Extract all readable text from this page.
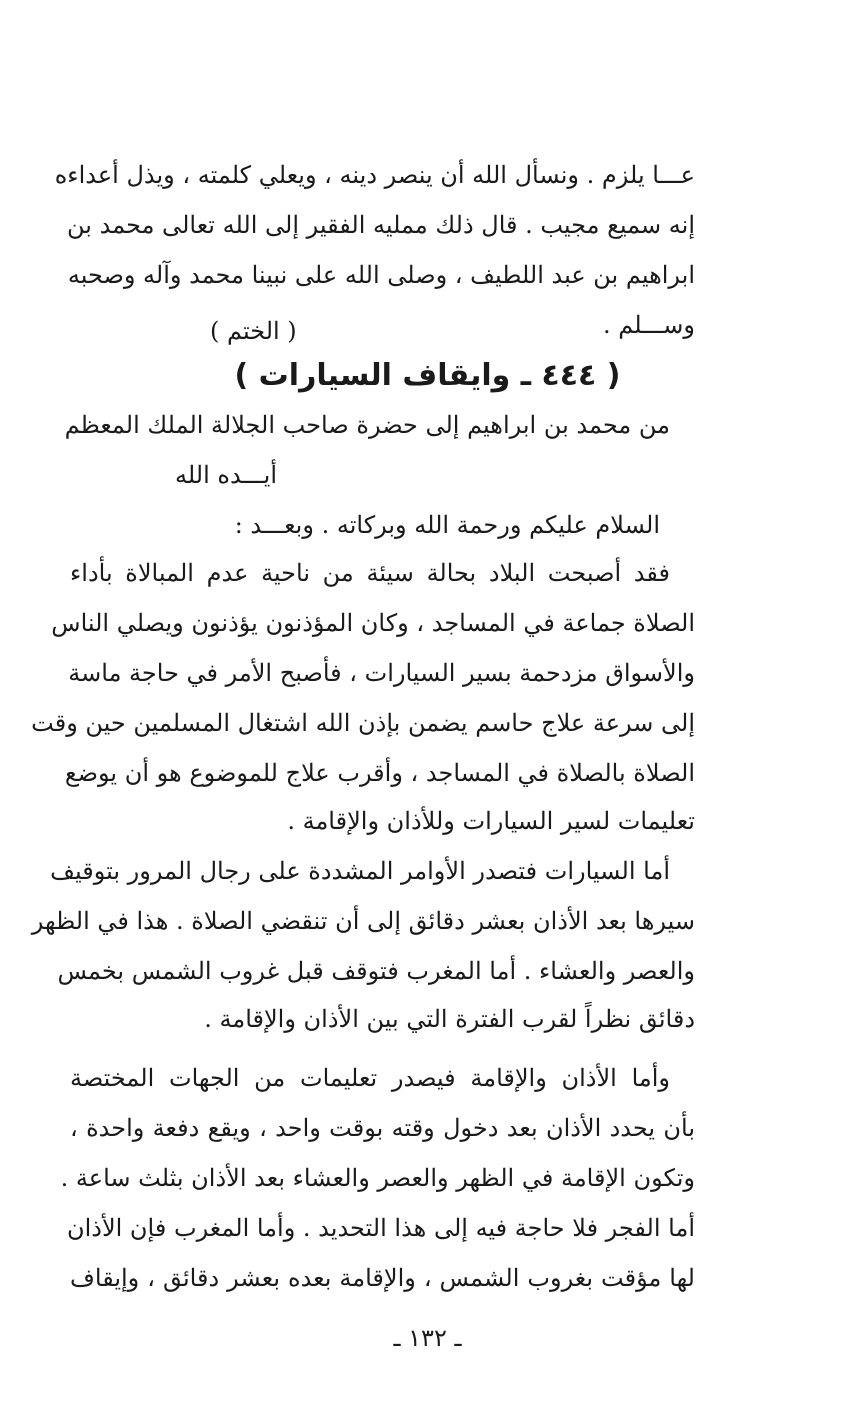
عـــا يلزم . ونسأل الله أن ينصر دينه ، ويعلي كلمته ، ويذل أعداءه
إنه سميع مجيب . قال ذلك ممليه الفقير إلى الله تعالى محمد بن
ابراهيم بن عبد اللطيف ، وصلى الله على نبينا محمد وآله وصحبه
وســـلم .
( الختم )
( ٤٤٤ ـ وايقاف السيارات )
من محمد بن ابراهيم إلى حضرة صاحب الجلالة الملك المعظم
أيـــده الله
السلام عليكم ورحمة الله وبركاته . وبعـــد :
فقد أصبحت البلاد بحالة سيئة من ناحية عدم المبالاة بأداء
الصلاة جماعة في المساجد ، وكان المؤذنون يؤذنون ويصلي الناس
والأسواق مزدحمة بسير السيارات ، فأصبح الأمر في حاجة ماسة
إلى سرعة علاج حاسم يضمن بإذن الله اشتغال المسلمين حين وقت
الصلاة بالصلاة في المساجد ، وأقرب علاج للموضوع هو أن يوضع
تعليمات لسير السيارات وللأذان والإقامة .
أما السيارات فتصدر الأوامر المشددة على رجال المرور بتوقيف
سيرها بعد الأذان بعشر دقائق إلى أن تنقضي الصلاة . هذا في الظهر
والعصر والعشاء . أما المغرب فتوقف قبل غروب الشمس بخمس
دقائق نظراً لقرب الفترة التي بين الأذان والإقامة .
وأما الأذان والإقامة فيصدر تعليمات من الجهات المختصة
بأن يحدد الأذان بعد دخول وقته بوقت واحد ، ويقع دفعة واحدة ،
وتكون الإقامة في الظهر والعصر والعشاء بعد الأذان بثلث ساعة .
أما الفجر فلا حاجة فيه إلى هذا التحديد . وأما المغرب فإن الأذان
لها مؤقت بغروب الشمس ، والإقامة بعده بعشر دقائق ، وإيقاف
ـ ١٣٢ ـ
